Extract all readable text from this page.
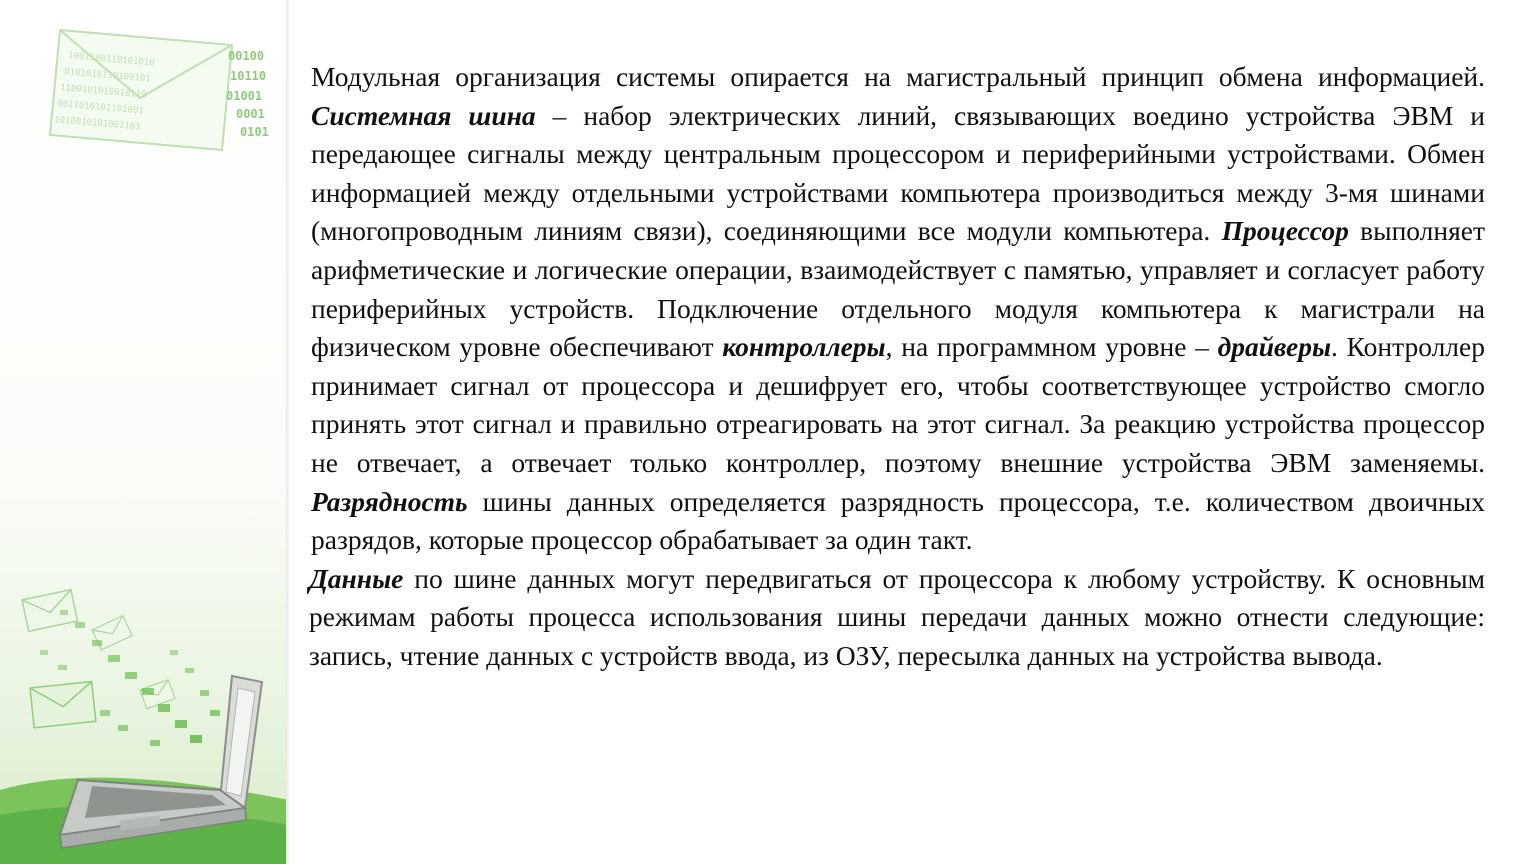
1001100110101010
0101010110100101
1100101010010110
0011010101101001
1010010101001101
00100
10110
01001
0001
0101

Модульная организация системы опирается на магистральный принцип обмена информацией. Системная шина – набор электрических линий, связывающих воедино устройства ЭВМ и передающее сигналы между центральным процессором и периферийными устройствами. Обмен информацией между отдельными устройствами компьютера производиться между 3-мя шинами (многопроводным линиям связи), соединяющими все модули компьютера. Процессор выполняет арифметические и логические операции, взаимодействует с памятью, управляет и согласует работу периферийных устройств. Подключение отдельного модуля компьютера к магистрали на физическом уровне обеспечивают контроллеры, на программном уровне – драйверы. Контроллер принимает сигнал от процессора и дешифрует его, чтобы соответствующее устройство смогло принять этот сигнал и правильно отреагировать на этот сигнал. За реакцию устройства процессор не отвечает, а отвечает только контроллер, поэтому внешние устройства ЭВМ заменяемы. Разрядность шины данных определяется разрядность процессора, т.е. количеством двоичных разрядов, которые процессор обрабатывает за один такт.

Данные по шине данных могут передвигаться от процессора к любому устройству. К основным режимам работы процесса использования шины передачи данных можно отнести следующие: запись, чтение данных с устройств ввода, из ОЗУ, пересылка данных на устройства вывода.
